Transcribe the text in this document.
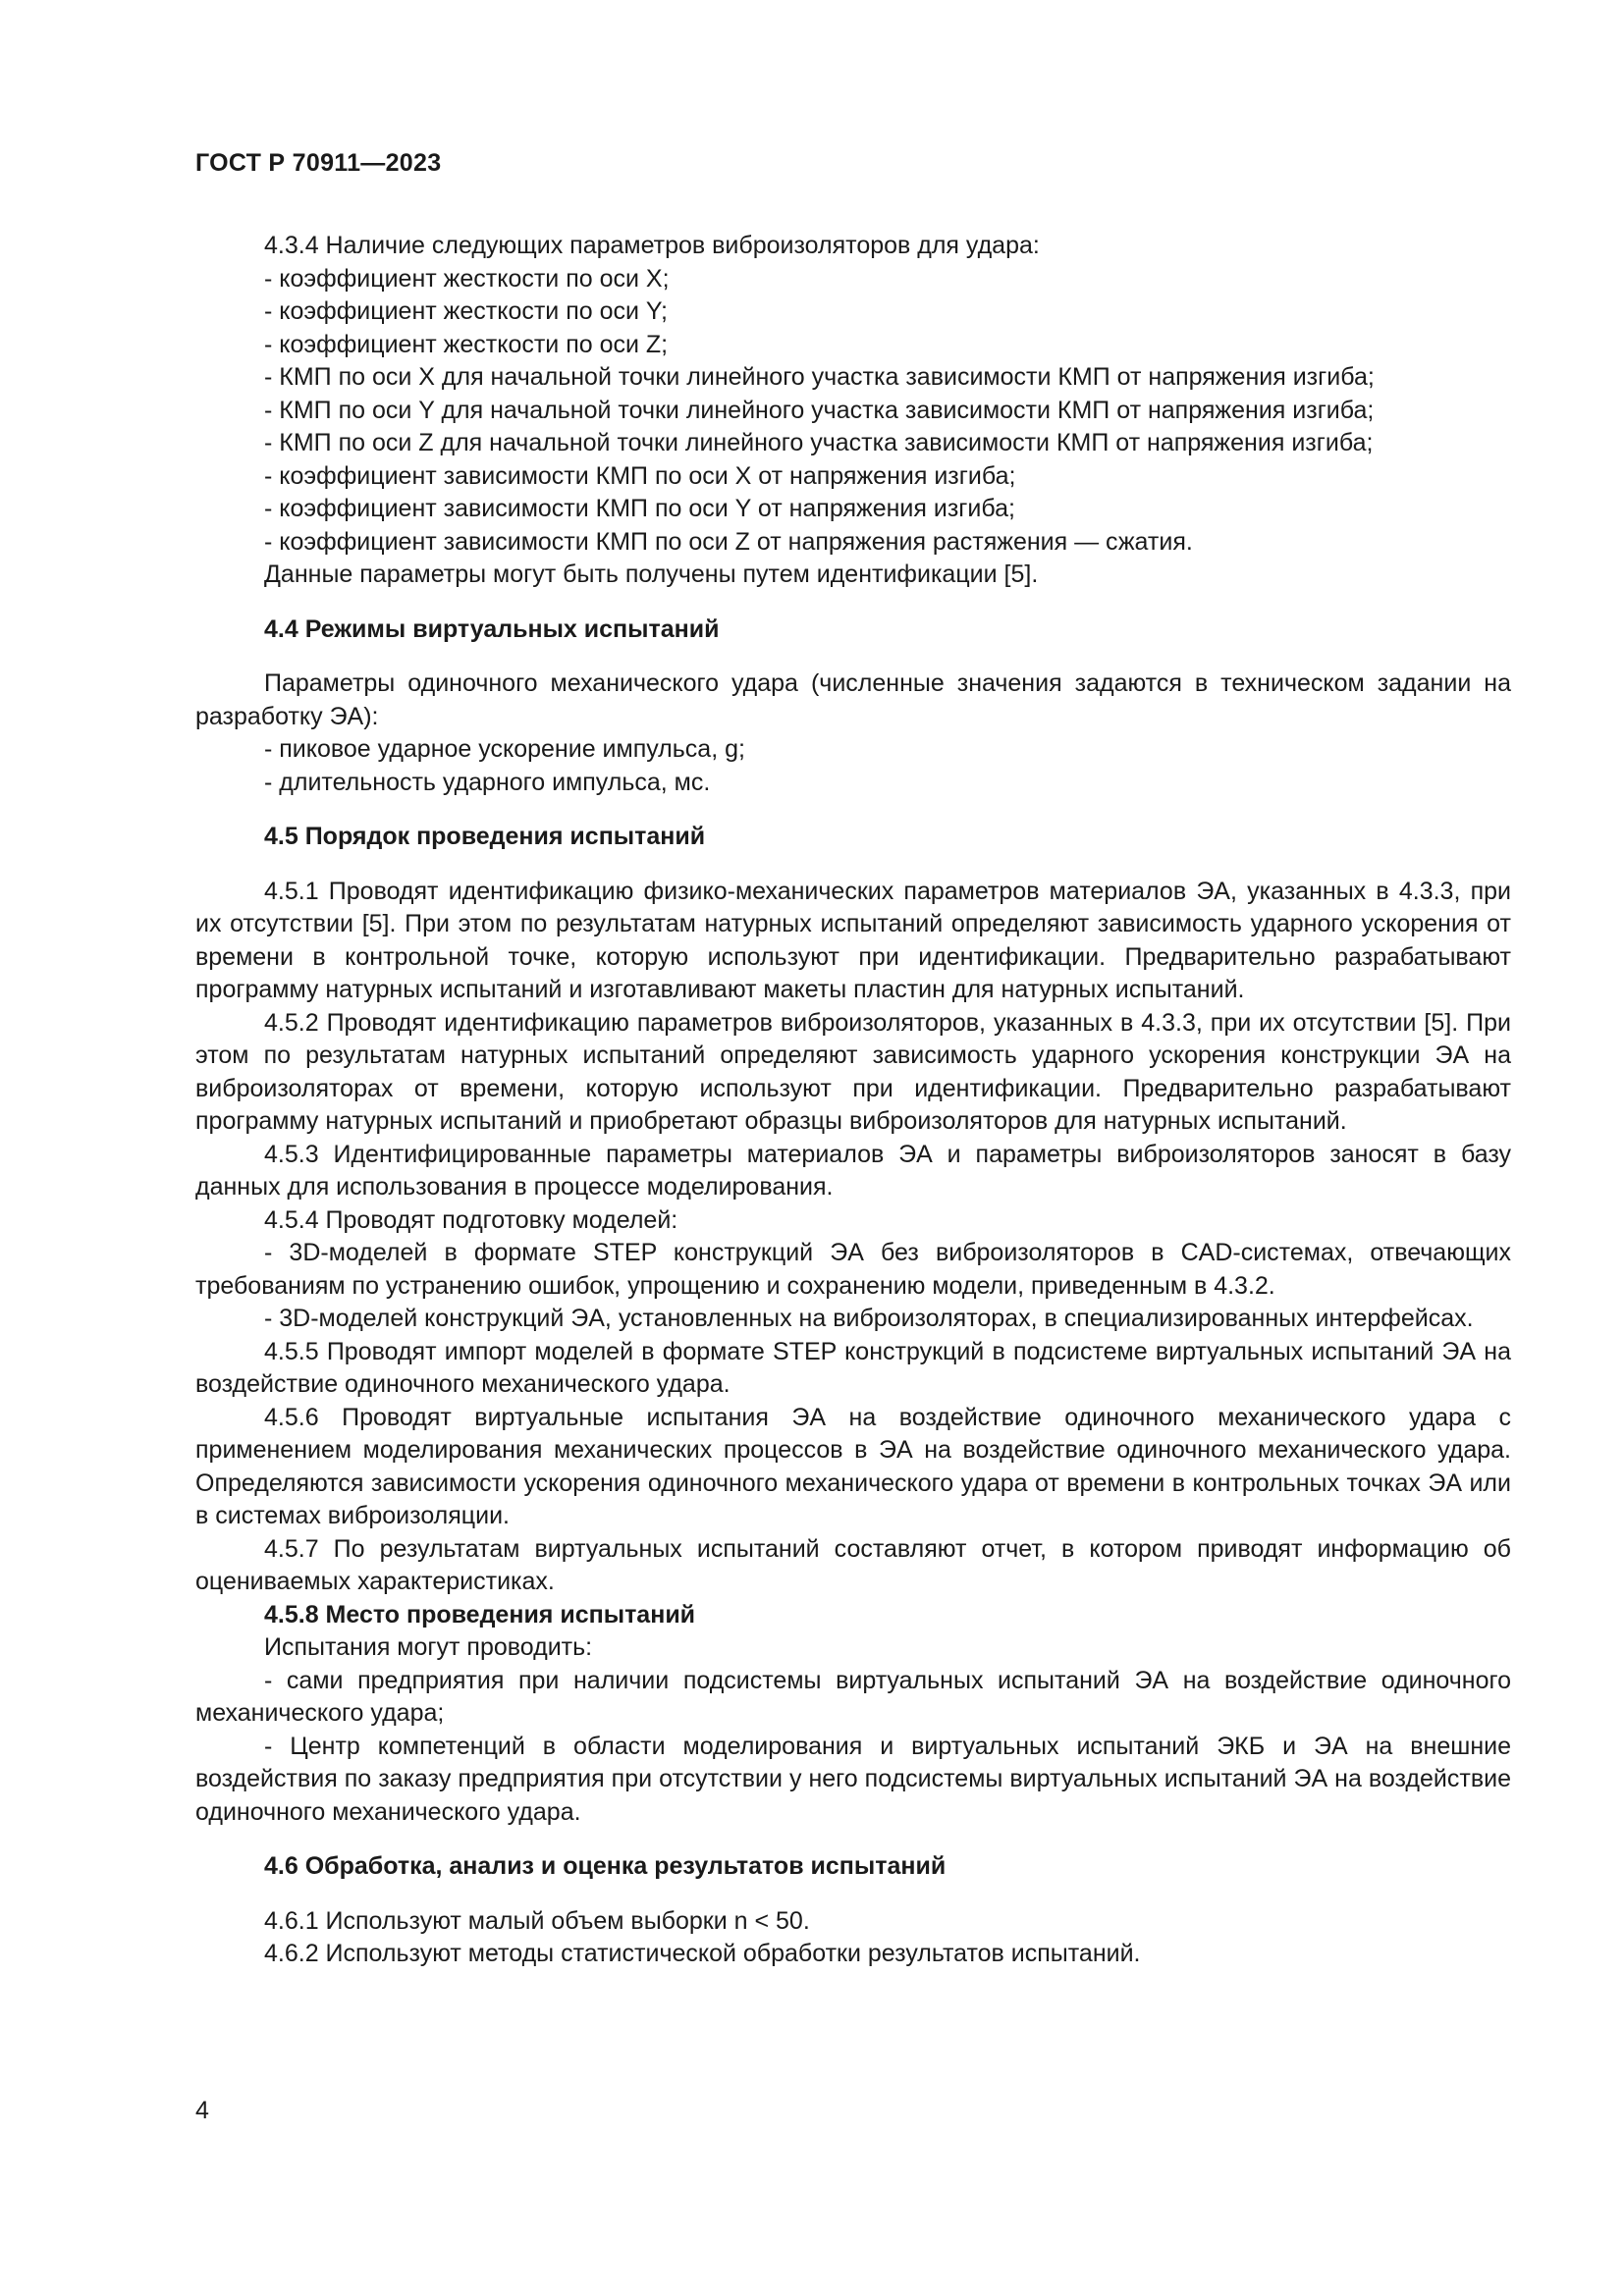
ГОСТ Р 70911—2023

4.3.4 Наличие следующих параметров виброизоляторов для удара:

- коэффициент жесткости по оси X;

- коэффициент жесткости по оси Y;

- коэффициент жесткости по оси Z;

- КМП по оси X для начальной точки линейного участка зависимости КМП от напряжения изгиба;

- КМП по оси Y для начальной точки линейного участка зависимости КМП от напряжения изгиба;

- КМП по оси Z для начальной точки линейного участка зависимости КМП от напряжения изгиба;

- коэффициент зависимости КМП по оси X от напряжения изгиба;

- коэффициент зависимости КМП по оси Y от напряжения изгиба;

- коэффициент зависимости КМП по оси Z от напряжения растяжения — сжатия.

Данные параметры могут быть получены путем идентификации [5].

4.4 Режимы виртуальных испытаний

Параметры одиночного механического удара (численные значения задаются в техническом задании на разработку ЭА):

- пиковое ударное ускорение импульса, g;

- длительность ударного импульса, мс.

4.5 Порядок проведения испытаний

4.5.1 Проводят идентификацию физико-механических параметров материалов ЭА, указанных в 4.3.3, при их отсутствии [5]. При этом по результатам натурных испытаний определяют зависимость ударного ускорения от времени в контрольной точке, которую используют при идентификации. Предварительно разрабатывают программу натурных испытаний и изготавливают макеты пластин для натурных испытаний.

4.5.2 Проводят идентификацию параметров виброизоляторов, указанных в 4.3.3, при их отсутствии [5]. При этом по результатам натурных испытаний определяют зависимость ударного ускорения конструкции ЭА на виброизоляторах от времени, которую используют при идентификации. Предварительно разрабатывают программу натурных испытаний и приобретают образцы виброизоляторов для натурных испытаний.

4.5.3 Идентифицированные параметры материалов ЭА и параметры виброизоляторов заносят в базу данных для использования в процессе моделирования.

4.5.4 Проводят подготовку моделей:

- 3D-моделей в формате STEP конструкций ЭА без виброизоляторов в CAD-системах, отвечающих требованиям по устранению ошибок, упрощению и сохранению модели, приведенным в 4.3.2.

- 3D-моделей конструкций ЭА, установленных на виброизоляторах, в специализированных интерфейсах.

4.5.5 Проводят импорт моделей в формате STEP конструкций в подсистеме виртуальных испытаний ЭА на воздействие одиночного механического удара.

4.5.6 Проводят виртуальные испытания ЭА на воздействие одиночного механического удара с применением моделирования механических процессов в ЭА на воздействие одиночного механического удара. Определяются зависимости ускорения одиночного механического удара от времени в контрольных точках ЭА или в системах виброизоляции.

4.5.7 По результатам виртуальных испытаний составляют отчет, в котором приводят информацию об оцениваемых характеристиках.

4.5.8 Место проведения испытаний

Испытания могут проводить:

- сами предприятия при наличии подсистемы виртуальных испытаний ЭА на воздействие одиночного механического удара;

- Центр компетенций в области моделирования и виртуальных испытаний ЭКБ и ЭА на внешние воздействия по заказу предприятия при отсутствии у него подсистемы виртуальных испытаний ЭА на воздействие одиночного механического удара.

4.6 Обработка, анализ и оценка результатов испытаний

4.6.1 Используют малый объем выборки n < 50.

4.6.2 Используют методы статистической обработки результатов испытаний.

4
